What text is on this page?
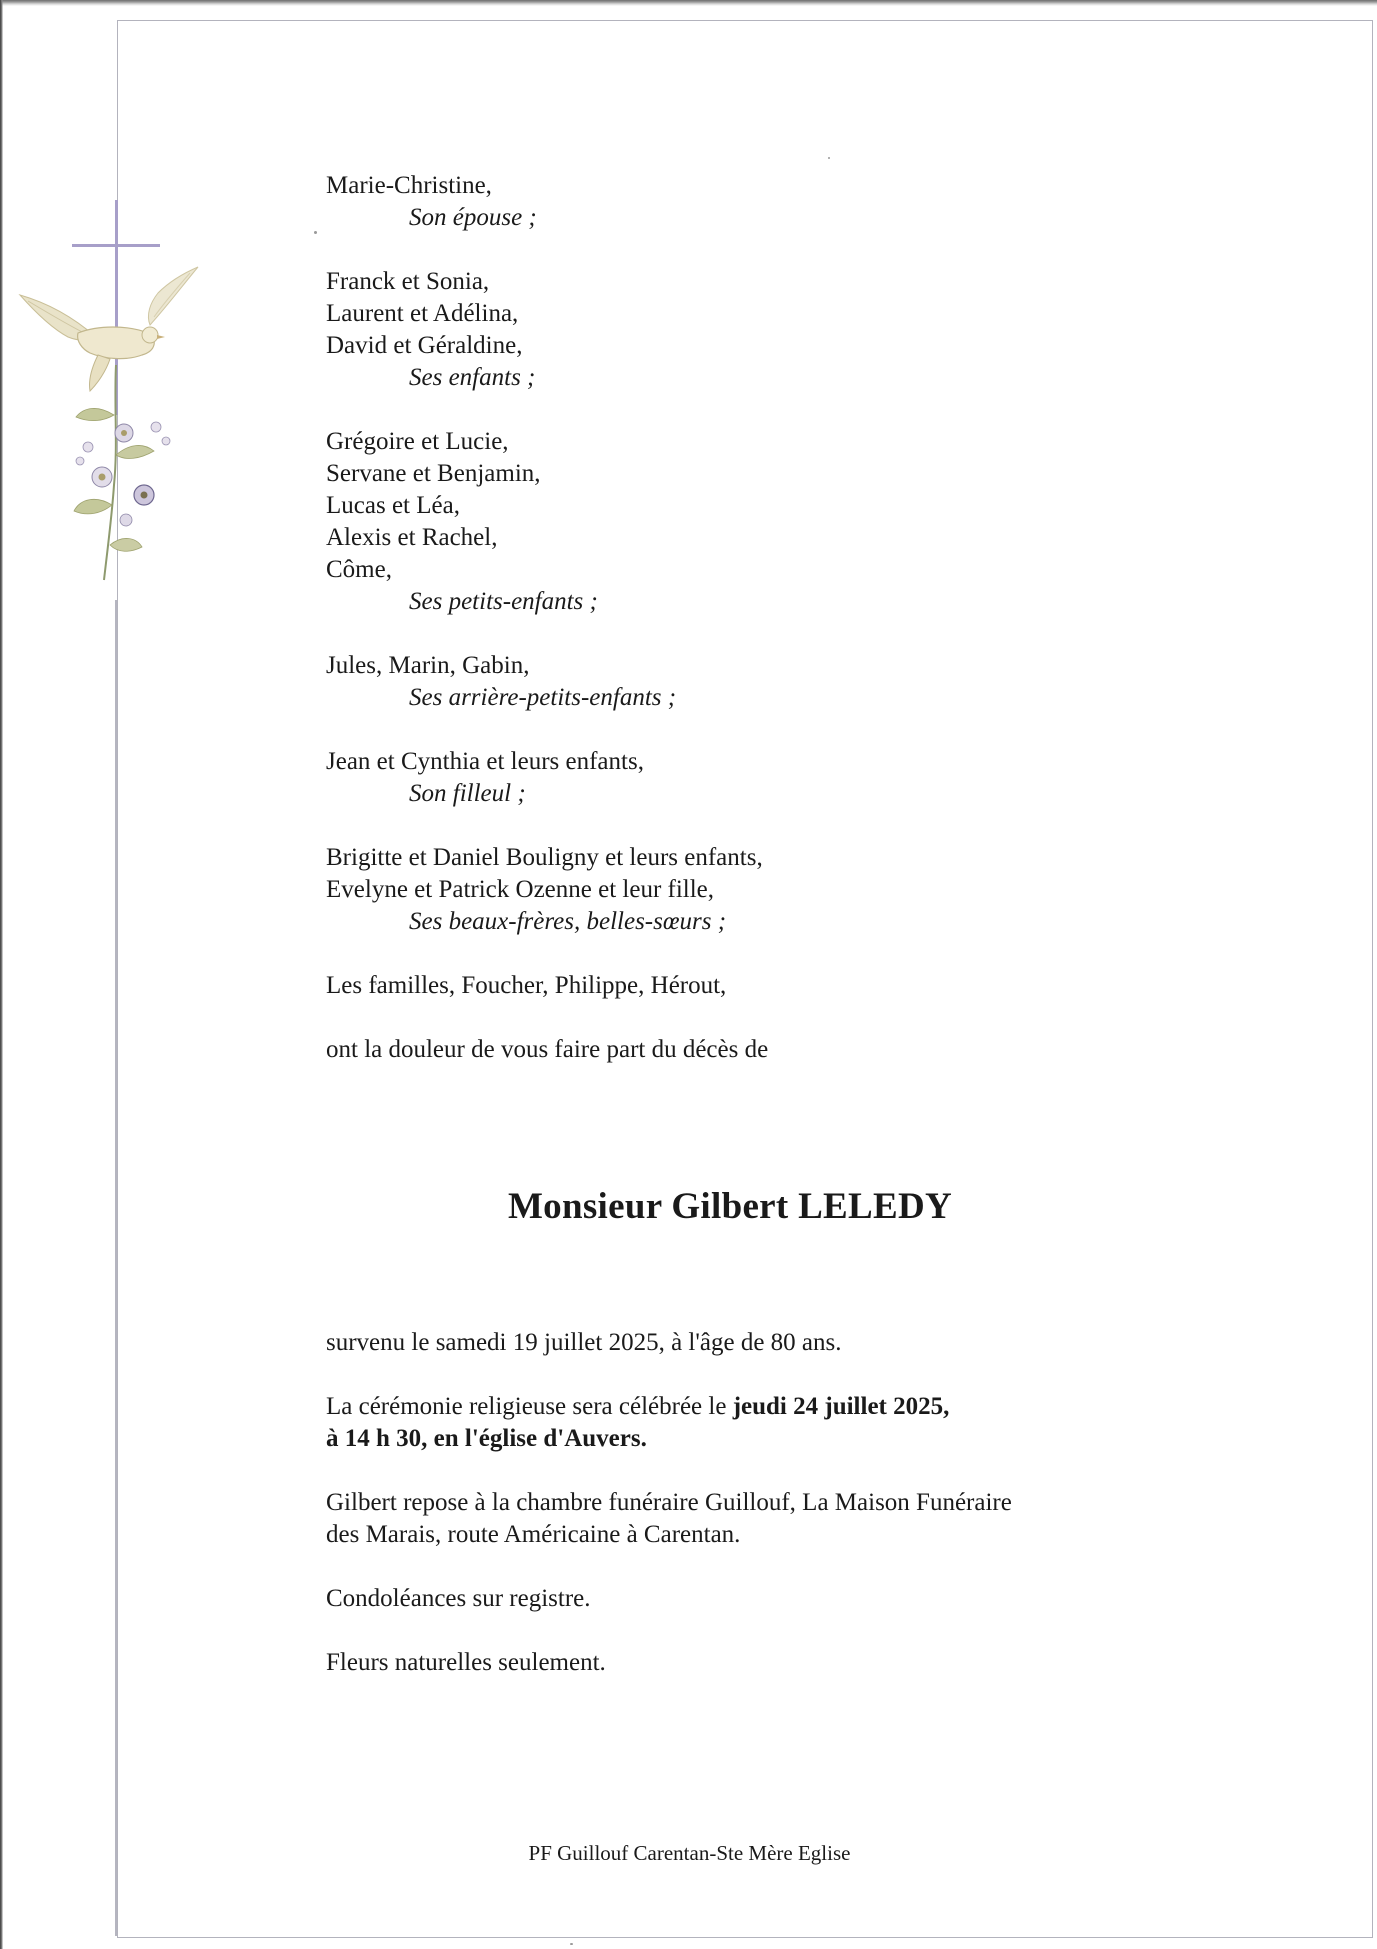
Marie-Christine,
Son épouse ;
Franck et Sonia,
Laurent et Adélina,
David et Géraldine,
Ses enfants ;
Grégoire et Lucie,
Servane et Benjamin,
Lucas et Léa,
Alexis et Rachel,
Côme,
Ses petits-enfants ;
Jules, Marin, Gabin,
Ses arrière-petits-enfants ;
Jean et Cynthia et leurs enfants,
Son filleul ;
Brigitte et Daniel Bouligny et leurs enfants,
Evelyne et Patrick Ozenne et leur fille,
Ses beaux-frères, belles-sœurs ;
Les familles, Foucher, Philippe, Hérout,
ont la douleur de vous faire part du décès de
Monsieur Gilbert LELEDY
survenu le samedi 19 juillet 2025, à l'âge de 80 ans.
La cérémonie religieuse sera célébrée le jeudi 24 juillet 2025,
à 14 h 30, en l'église d'Auvers.
Gilbert repose à la chambre funéraire Guillouf, La Maison Funéraire
des Marais, route Américaine à Carentan.
Condoléances sur registre.
Fleurs naturelles seulement.
PF Guillouf Carentan-Ste Mère Eglise
